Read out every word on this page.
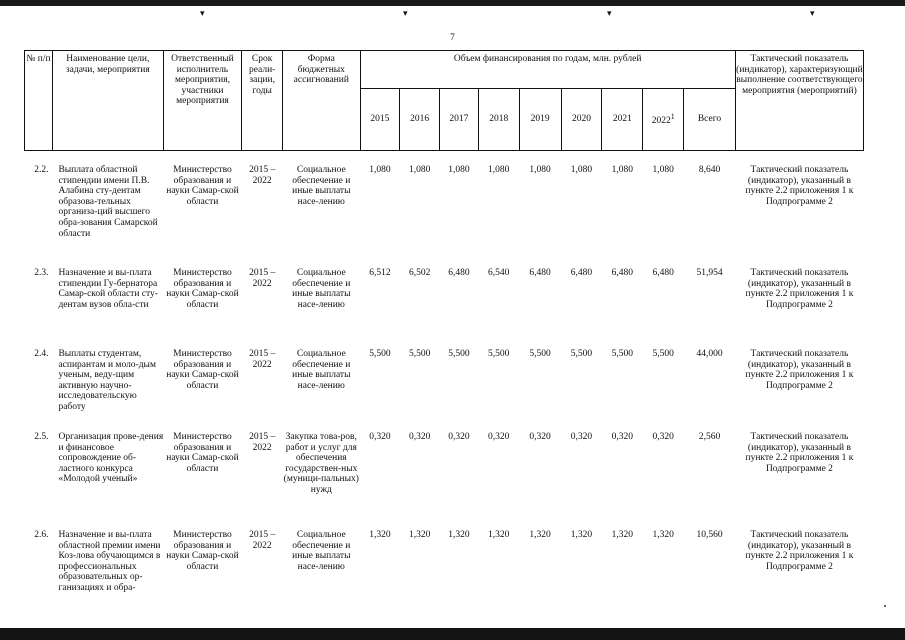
▾	▾	▾	▾
7
№ п/п	Наименование цели, задачи, мероприятия	Ответственный исполнитель мероприятия, участники мероприятия	Срок реали-зации, годы	Форма бюджетных ассигнований	Объем финансирования по годам, млн. рублей									Тактический показатель (индикатор), характеризующий выполнение соответствующего мероприятия (мероприятий)
					2015	2016	2017	2018	2019	2020	2021	2022$^1$	Всего	

2.2.	Выплата областной стипендии имени П.В. Алабина сту-дентам образова-тельных организа-ций высшего обра-зования Самарской области	Министерство образования и науки Самар-ской области	2015 – 2022	Социальное обеспечение и иные выплаты насе-лению	1,080	1,080	1,080	1,080	1,080	1,080	1,080	1,080	8,640	Тактический показатель (индикатор), указанный в пункте 2.2 приложения 1 к Подпрограмме 2
2.3.	Назначение и вы-плата стипендии Гу-бернатора Самар-ской области сту-дентам вузов обла-сти	Министерство образования и науки Самар-ской области	2015 – 2022	Социальное обеспечение и иные выплаты насе-лению	6,512	6,502	6,480	6,540	6,480	6,480	6,480	6,480	51,954	Тактический показатель (индикатор), указанный в пункте 2.2 приложения 1 к Подпрограмме 2
2.4.	Выплаты студентам, аспирантам и моло-дым ученым, веду-щим активную научно-исследовательскую работу	Министерство образования и науки Самар-ской области	2015 – 2022	Социальное обеспечение и иные выплаты насе-лению	5,500	5,500	5,500	5,500	5,500	5,500	5,500	5,500	44,000	Тактический показатель (индикатор), указанный в пункте 2.2 приложения 1 к Подпрограмме 2
2.5.	Организация прове-дения и финансовое сопровождение об-ластного конкурса «Молодой ученый»	Министерство образования и науки Самар-ской области	2015 – 2022	Закупка това-ров, работ и услуг для обеспечения государствен-ных (муници-пальных) нужд	0,320	0,320	0,320	0,320	0,320	0,320	0,320	0,320	2,560	Тактический показатель (индикатор), указанный в пункте 2.2 приложения 1 к Подпрограмме 2
2.6.	Назначение и вы-плата областной премии имени Коз-лова обучающимся в профессиональных образовательных ор-ганизациях и обра-	Министерство образования и науки Самар-ской области	2015 – 2022	Социальное обеспечение и иные выплаты насе-лению	1,320	1,320	1,320	1,320	1,320	1,320	1,320	1,320	10,560	Тактический показатель (индикатор), указанный в пункте 2.2 приложения 1 к Подпрограмме 2
